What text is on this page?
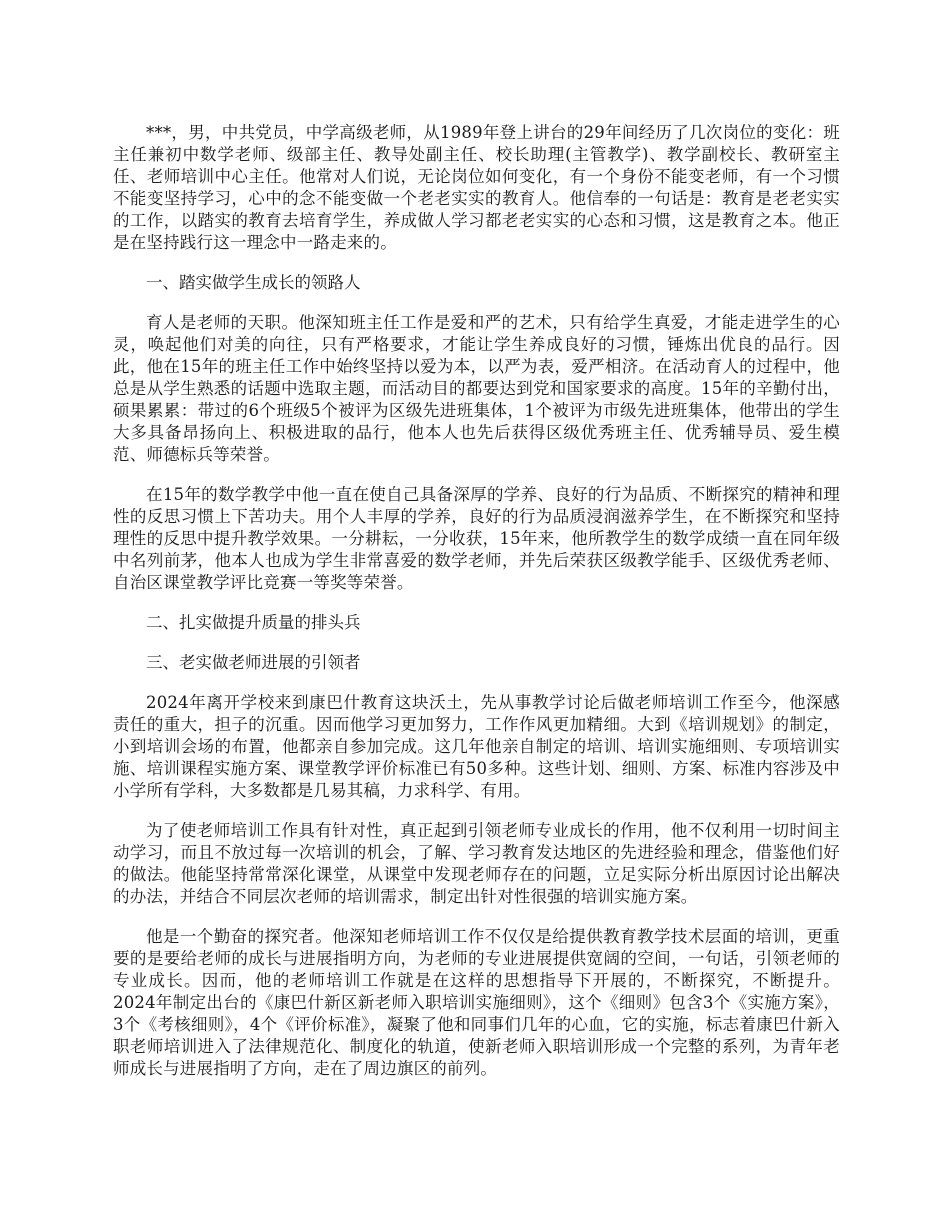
***，男，中共党员，中学高级老师，从1989年登上讲台的29年间经历了几次岗位的变化：班主任兼初中数学老师、级部主任、教导处副主任、校长助理(主管教学)、教学副校长、教研室主任、老师培训中心主任。他常对人们说，无论岗位如何变化，有一个身份不能变老师，有一个习惯不能变坚持学习，心中的念不能变做一个老老实实的教育人。他信奉的一句话是：教育是老老实实的工作，以踏实的教育去培育学生，养成做人学习都老老实实的心态和习惯，这是教育之本。他正是在坚持践行这一理念中一路走来的。

一、踏实做学生成长的领路人

育人是老师的天职。他深知班主任工作是爱和严的艺术，只有给学生真爱，才能走进学生的心灵，唤起他们对美的向往，只有严格要求，才能让学生养成良好的习惯，锤炼出优良的品行。因此，他在15年的班主任工作中始终坚持以爱为本，以严为表，爱严相济。在活动育人的过程中，他总是从学生熟悉的话题中选取主题，而活动目的都要达到党和国家要求的高度。15年的辛勤付出，硕果累累：带过的6个班级5个被评为区级先进班集体，1个被评为市级先进班集体，他带出的学生大多具备昂扬向上、积极进取的品行，他本人也先后获得区级优秀班主任、优秀辅导员、爱生模范、师德标兵等荣誉。

在15年的数学教学中他一直在使自己具备深厚的学养、良好的行为品质、不断探究的精神和理性的反思习惯上下苦功夫。用个人丰厚的学养，良好的行为品质浸润滋养学生，在不断探究和坚持理性的反思中提升教学效果。一分耕耘，一分收获，15年来，他所教学生的数学成绩一直在同年级中名列前茅，他本人也成为学生非常喜爱的数学老师，并先后荣获区级教学能手、区级优秀老师、自治区课堂教学评比竞赛一等奖等荣誉。

二、扎实做提升质量的排头兵

三、老实做老师进展的引领者

2024年离开学校来到康巴什教育这块沃土，先从事教学讨论后做老师培训工作至今，他深感责任的重大，担子的沉重。因而他学习更加努力，工作作风更加精细。大到《培训规划》的制定，小到培训会场的布置，他都亲自参加完成。这几年他亲自制定的培训、培训实施细则、专项培训实施、培训课程实施方案、课堂教学评价标准已有50多种。这些计划、细则、方案、标准内容涉及中小学所有学科，大多数都是几易其稿，力求科学、有用。

为了使老师培训工作具有针对性，真正起到引领老师专业成长的作用，他不仅利用一切时间主动学习，而且不放过每一次培训的机会，了解、学习教育发达地区的先进经验和理念，借鉴他们好的做法。他能坚持常常深化课堂，从课堂中发现老师存在的问题，立足实际分析出原因讨论出解决的办法，并结合不同层次老师的培训需求，制定出针对性很强的培训实施方案。

他是一个勤奋的探究者。他深知老师培训工作不仅仅是给提供教育教学技术层面的培训，更重要的是要给老师的成长与进展指明方向，为老师的专业进展提供宽阔的空间，一句话，引领老师的专业成长。因而，他的老师培训工作就是在这样的思想指导下开展的，不断探究，不断提升。2024年制定出台的《康巴什新区新老师入职培训实施细则》，这个《细则》包含3个《实施方案》，3个《考核细则》，4个《评价标准》，凝聚了他和同事们几年的心血，它的实施，标志着康巴什新入职老师培训进入了法律规范化、制度化的轨道，使新老师入职培训形成一个完整的系列，为青年老师成长与进展指明了方向，走在了周边旗区的前列。
